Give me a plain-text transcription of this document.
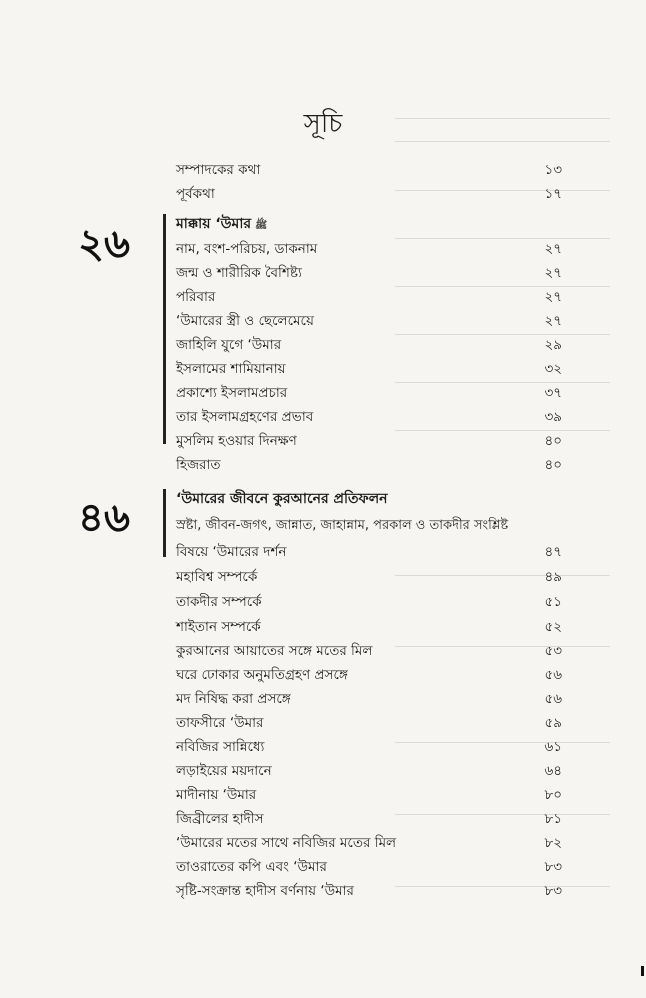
সূচি
সম্পাদকের কথা	১৩
পূর্বকথা	১৭
২৬	মাক্কায় ‘উমার ﷺ
নাম, বংশ-পরিচয়, ডাকনাম	২৭
জন্ম ও শারীরিক বৈশিষ্ট্য	২৭
পরিবার	২৭
‘উমারের স্ত্রী ও ছেলেমেয়ে	২৭
জাহিলি যুগে ‘উমার	২৯
ইসলামের শামিয়ানায়	৩২
প্রকাশ্যে ইসলামপ্রচার	৩৭
তার ইসলামগ্রহণের প্রভাব	৩৯
মুসলিম হওয়ার দিনক্ষণ	৪০
হিজরাত	৪০
৪৬	‘উমারের জীবনে কুরআনের প্রতিফলন
স্রষ্টা, জীবন-জগৎ, জান্নাত, জাহান্নাম, পরকাল ও তাকদীর সংশ্লিষ্ট
বিষয়ে ‘উমারের দর্শন	৪৭
মহাবিশ্ব সম্পর্কে	৪৯
তাকদীর সম্পর্কে	৫১
শাইতান সম্পর্কে	৫২
কুরআনের আয়াতের সঙ্গে মতের মিল	৫৩
ঘরে ঢোকার অনুমতিগ্রহণ প্রসঙ্গে	৫৬
মদ নিষিদ্ধ করা প্রসঙ্গে	৫৬
তাফসীরে ‘উমার	৫৯
নবিজির সান্নিধ্যে	৬১
লড়াইয়ের ময়দানে	৬৪
মাদীনায় ‘উমার	৮০
জিব্রীলের হাদীস	৮১
‘উমারের মতের সাথে নবিজির মতের মিল	৮২
তাওরাতের কপি এবং ‘উমার	৮৩
সৃষ্টি-সংক্রান্ত হাদীস বর্ণনায় ‘উমার	৮৩
